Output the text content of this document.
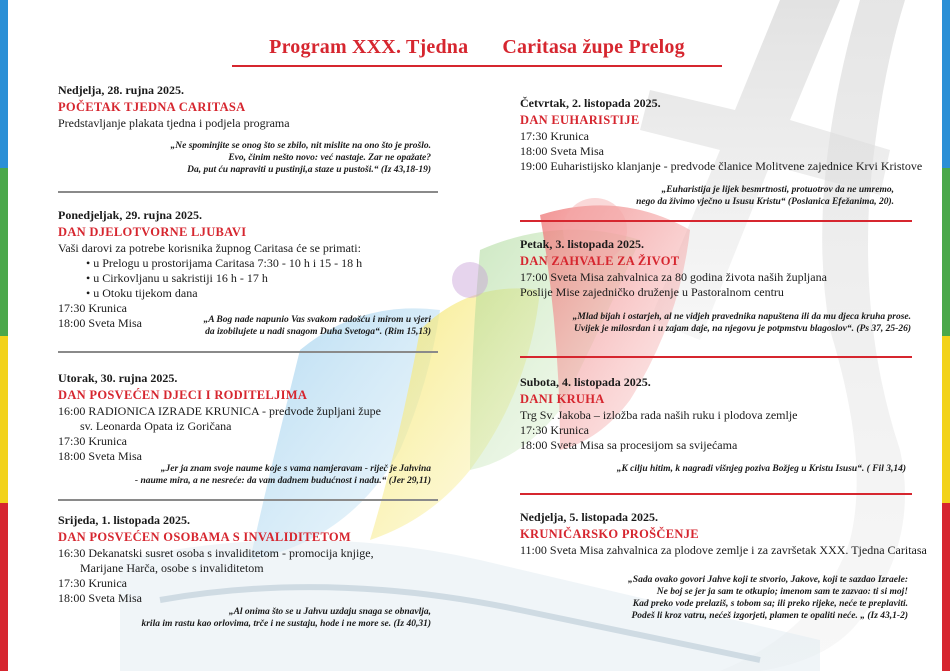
Program XXX. Tjedna Caritasa župe Prelog

Nedjelja, 28. rujna 2025.

POČETAK TJEDNA CARITASA

Predstavljanje plakata tjedna i podjela programa

„Ne spominjite se onog što se zbilo, nit mislite na ono što je prošlo.
Evo, činim nešto novo: već nastaje. Zar ne opažate?
Da, put ću napraviti u pustinji,a staze u pustoši.“ (Iz 43,18-19)

Ponedjeljak, 29. rujna 2025.

DAN DJELOTVORNE LJUBAVI

Vaši darovi za potrebe korisnika župnog Caritasa će se primati:

• u Prelogu u prostorijama Caritasa 7:30 - 10 h i 15 - 18 h

• u Cirkovljanu u sakristiji 16 h - 17 h

• u Otoku tijekom dana

17:30 Krunica

18:00 Sveta Misa	„A Bog nade napunio Vas svakom radošću i mirom u vjeri
da izobilujete u nadi snagom Duha Svetoga“. (Rim 15,13)

Utorak, 30. rujna 2025.

DAN POSVEĆEN DJECI I RODITELJIMA

16:00 RADIONICA IZRADE KRUNICA - predvode župljani župe

sv. Leonarda Opata iz Goričana

17:30 Krunica

18:00 Sveta Misa

„Jer ja znam svoje naume koje s vama namjeravam - riječ je Jahvina
- naume mira, a ne nesreće: da vam dadnem budućnost i nadu.“ (Jer 29,11)

Srijeda, 1. listopada 2025.

DAN POSVEĆEN OSOBAMA S INVALIDITETOM

16:30 Dekanatski susret osoba s invaliditetom - promocija knjige,

Marijane Harča, osobe s invaliditetom

17:30 Krunica

18:00 Sveta Misa

„Al onima što se u Jahvu uzdaju snaga se obnavlja,
krila im rastu kao orlovima, trče i ne sustaju, hode i ne more se. (Iz 40,31)

Četvrtak, 2. listopada 2025.

DAN EUHARISTIJE

17:30 Krunica

18:00 Sveta Misa

19:00 Euharistijsko klanjanje - predvode članice Molitvene zajednice Krvi Kristove

„Euharistija je lijek besmrtnosti, protuotrov da ne umremo,
nego da živimo vječno u Isusu Kristu“ (Poslanica Efežanima, 20).

Petak, 3. listopada 2025.

DAN ZAHVALE ZA ŽIVOT

17:00 Sveta Misa zahvalnica za 80 godina života naših župljana

Poslije Mise zajedničko druženje u Pastoralnom centru

„Mlad bijah i ostarjeh, al ne vidjeh pravednika napuštena ili da mu djeca kruha prose.
Uvijek je milosrdan i u zajam daje, na njegovu je potpmstvu blagoslov“. (Ps 37, 25-26)

Subota, 4. listopada 2025.

DANI KRUHA

Trg Sv. Jakoba – izložba rada naših ruku i plodova zemlje

17:30 Krunica

18:00 Sveta Misa sa procesijom sa svijećama

„K cilju hitim, k nagradi višnjeg poziva Božjeg u Kristu Isusu“. ( Fil 3,14)

Nedjelja, 5. listopada 2025.

KRUNIČARSKO PROŠČENJE

11:00 Sveta Misa zahvalnica za plodove zemlje i za završetak XXX. Tjedna Caritasa

„Sada ovako govori Jahve koji te stvorio, Jakove, koji te sazdao Izraele:
Ne boj se jer ja sam te otkupio; imenom sam te zazvao: ti si moj!
Kad preko vode prelaziš, s tobom sa; ili preko rijeke, neće te preplaviti.
Podeš li kroz vatru, nećeš izgorjeti, plamen te opaliti neće. „ (Iz 43,1-2)
